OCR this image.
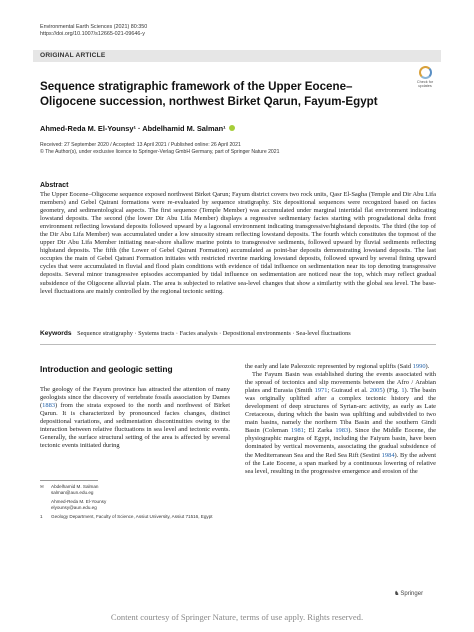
Environmental Earth Sciences (2021) 80:350
https://doi.org/10.1007/s12665-021-09646-y
ORIGINAL ARTICLE
Check for
updates
Sequence stratigraphic framework of the Upper Eocene–Oligocene succession, northwest Birket Qarun, Fayum-Egypt
Ahmed-Reda M. El-Younsy¹ · Abdelhamid M. Salman¹
Received: 27 September 2020 / Accepted: 13 April 2021 / Published online: 26 April 2021
© The Author(s), under exclusive licence to Springer-Verlag GmbH Germany, part of Springer Nature 2021
Abstract
The Upper Eocene–Oligocene sequence exposed northwest Birket Qarun; Fayum district covers two rock units, Qasr El-Sagha (Temple and Dir Abu Lifa members) and Gebel Qatrani formations were re-evaluated by sequence stratigraphy. Six depositional sequences were recognized based on facies geometry, and sedimentological aspects. The first sequence (Temple Member) was accumulated under marginal intertidal flat environment indicating lowstand deposits. The second (the lower Dir Abu Lifa Member) displays a regressive sedimentary facies starting with progradational delta front environment reflecting lowstand deposits followed upward by a lagoonal environment indicating transgressive/highstand deposits. The third (the top of the Dir Abu Lifa Member) was accumulated under a low sinuosity stream reflecting lowstand deposits. The fourth which constitutes the topmost of the upper Dir Abu Lifa Member initiating near-shore shallow marine points to transgressive sediments, followed upward by fluvial sediments reflecting highstand deposits. The fifth (the Lower of Gebel Qatrani Formation) accumulated as point-bar deposits demonstrating lowstand deposits. The last occupies the main of Gebel Qatrani Formation initiates with restricted riverine marking lowstand deposits, followed upward by several fining upward cycles that were accumulated in fluvial and flood plain conditions with evidence of tidal influence on sedimentation near its top denoting transgressive deposits. Several minor transgressive episodes accompanied by tidal influence on sedimentation are noticed near the top, which may reflect gradual subsidence of the Oligocene alluvial plain. The area is subjected to relative sea-level changes that show a similarity with the global sea level. The base-level fluctuations are mainly controlled by the regional tectonic setting.
Keywords Sequence stratigraphy · Systems tracts · Facies analysis · Depositional environments · Sea-level fluctuations
Introduction and geologic setting

The geology of the Fayum province has attracted the attention of many geologists since the discovery of vertebrate fossils association by Dames (1883) from the strata exposed to the north and northwest of Birket Qarun. It is characterized by pronounced facies changes, distinct depositional variations, and sedimentation discontinuities owing to the interaction between relative fluctuations in sea level and tectonic events. Generally, the surface structural setting of the area is affected by several tectonic events initiated during

the early and late Paleozoic represented by regional uplifts (Said 1990).

The Fayum Basin was established during the events associated with the spread of tectonics and slip movements between the Afro / Arabian plates and Eurasia (Smith 1971; Guiraud et al. 2005) (Fig. 1). The basin was originally uplifted after a complex tectonic history and the development of deep structures of Syrian-arc activity, as early as Late Cretaceous, during which the basin was uplifting and subdivided to two main basins, namely the northern Tiba Basin and the southern Gindi Basin (Coleman 1981; El Zarka 1983). Since the Middle Eocene, the physiographic margins of Egypt, including the Faiyum basin, have been dominated by vertical movements, associating the gradual subsidence of the Mediterranean Sea and the Red Sea Rift (Sestini 1984). By the advent of the Late Eocene, a span marked by a continuous lowering of relative sea level, resulting in the progressive emergence and erosion of the

✉ Abdelhamid M. Salman
salman@aun.edu.eg
Ahmed-Reda M. El-Younsy
elyounsy@aun.edu.eg
1 Geology Department, Faculty of Science, Assiut University, Assiut 71516, Egypt
♞Springer
Content courtesy of Springer Nature, terms of use apply. Rights reserved.
